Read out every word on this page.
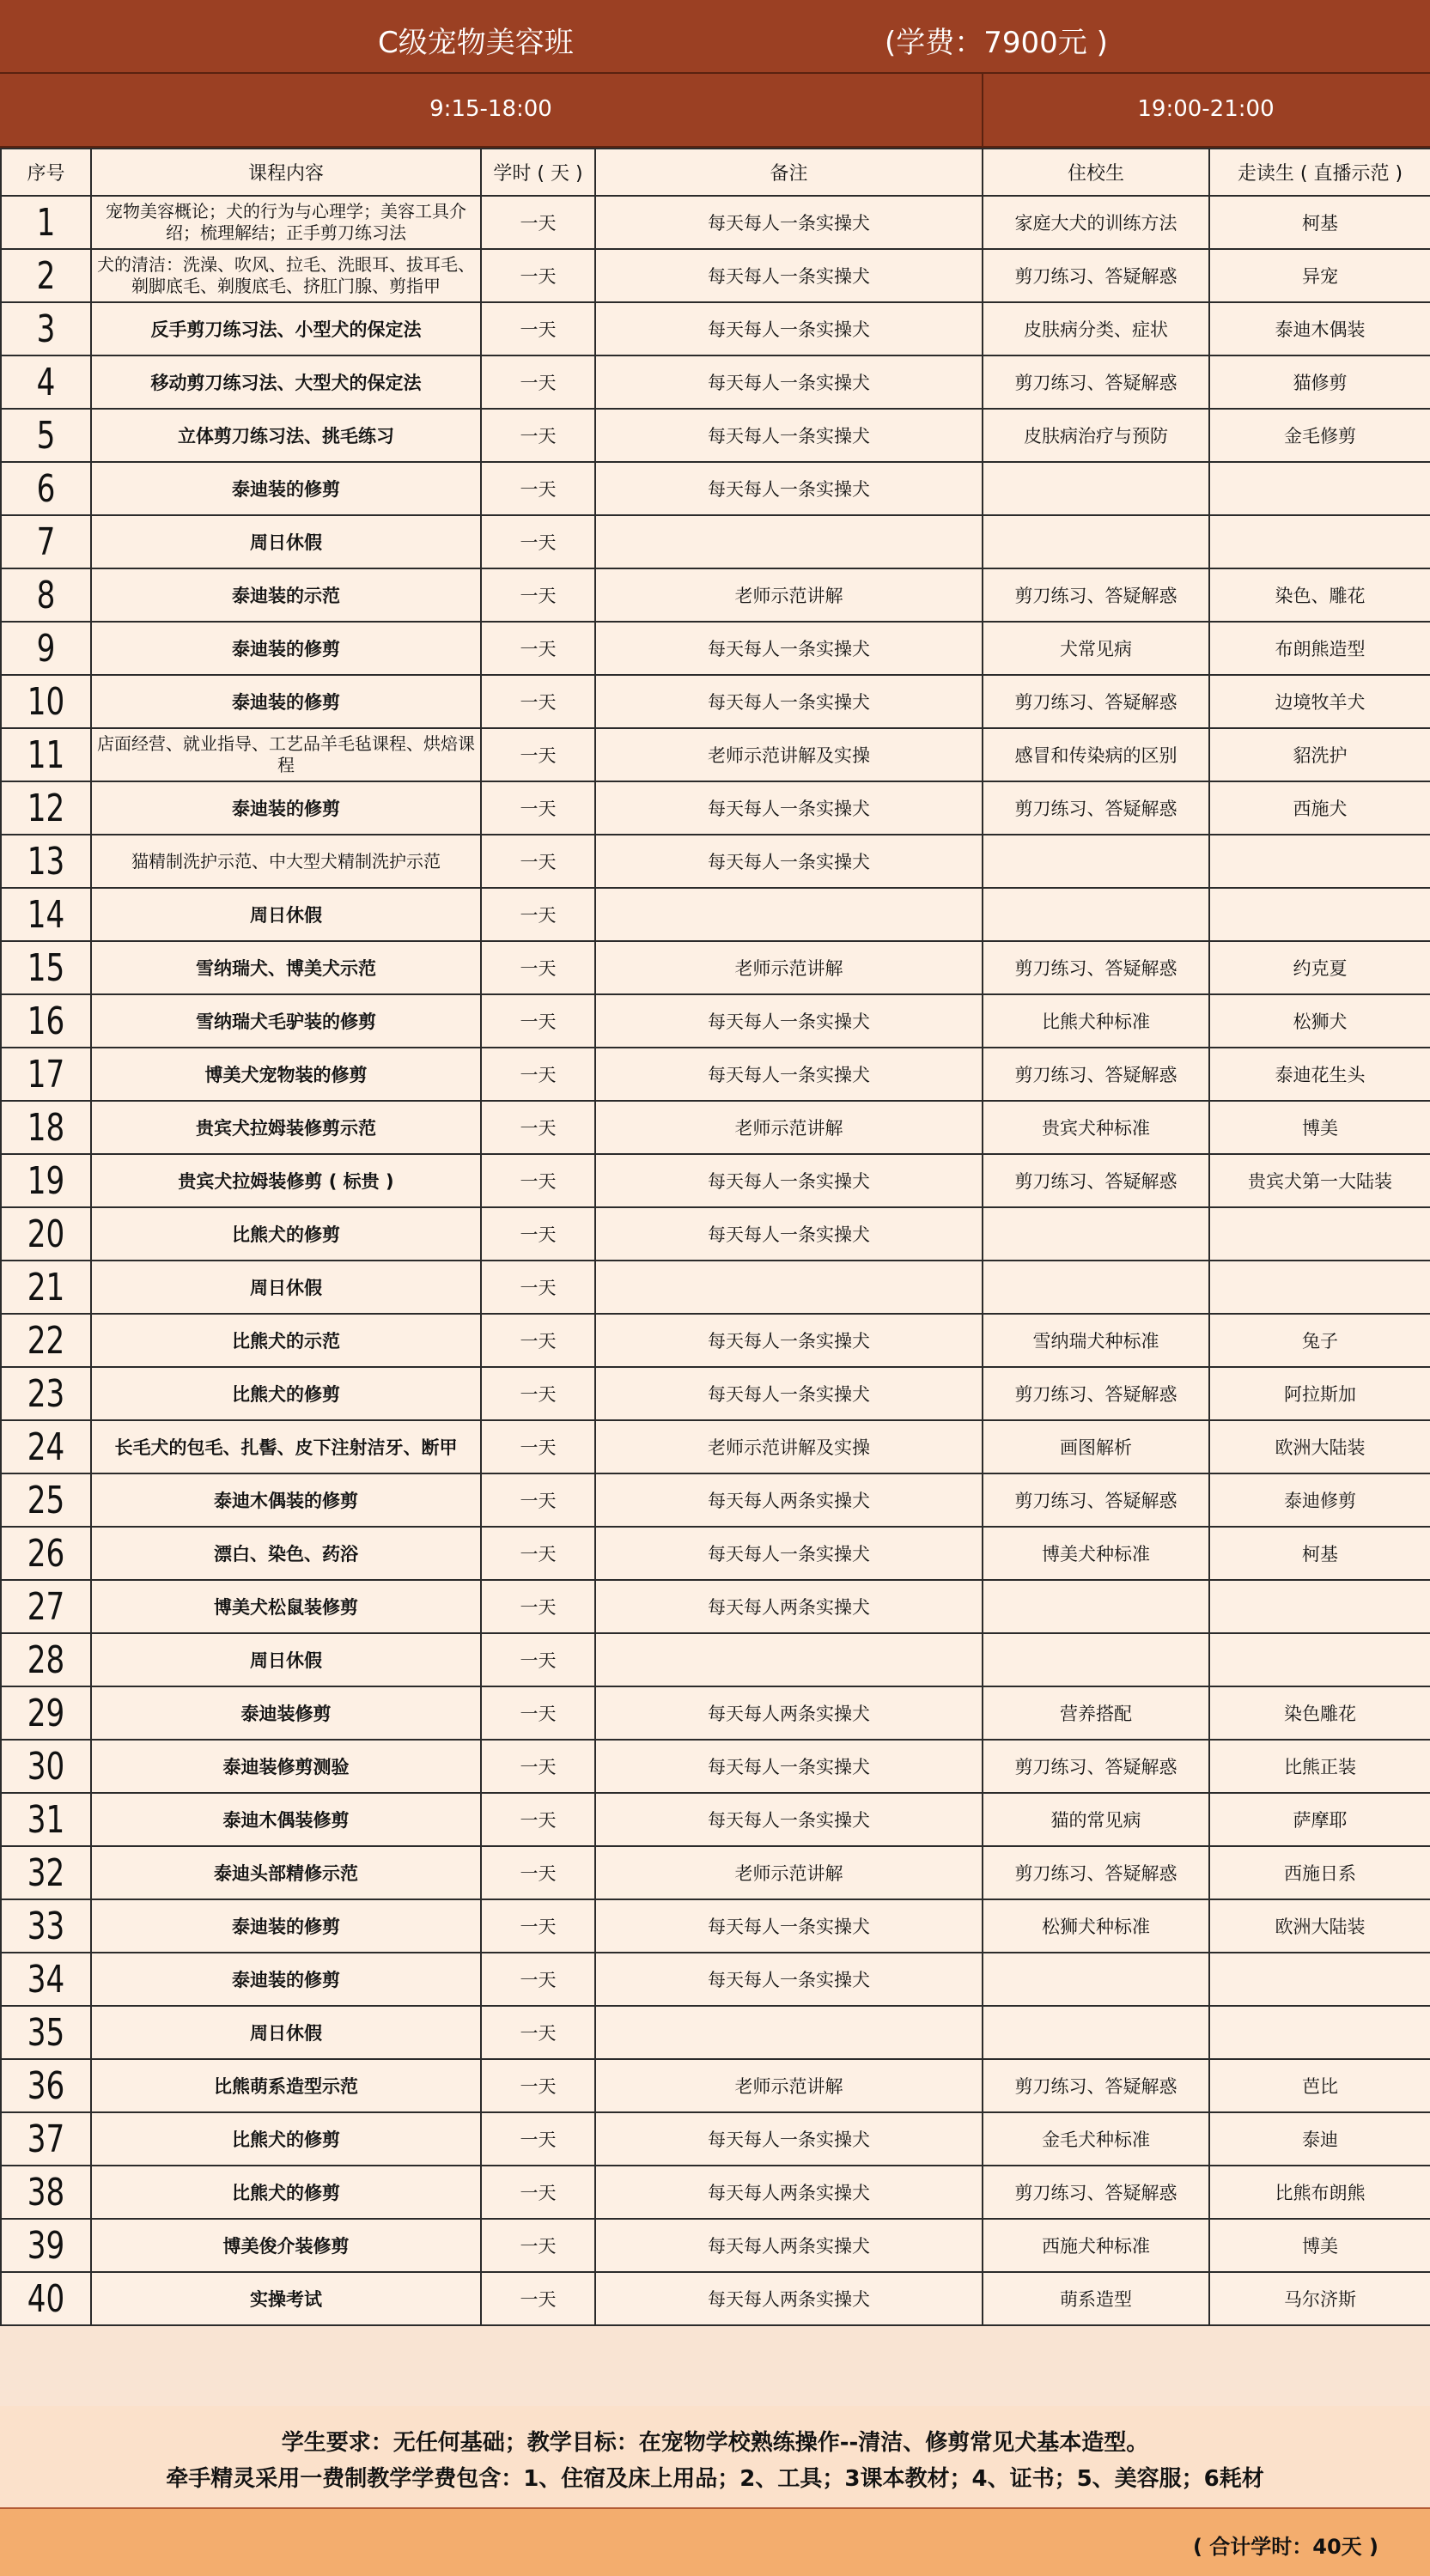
C级宠物美容班	(学费：7900元 )
9:15-18:00	19:00-21:00
序号	课程内容	学时 ( 天 )	备注	住校生	走读生 ( 直播示范 )
1	宠物美容概论；犬的行为与心理学；美容工具介绍；梳理解结；正手剪刀练习法	一天	每天每人一条实操犬	家庭大犬的训练方法	柯基
2	犬的清洁：洗澡、吹风、拉毛、洗眼耳、拔耳毛、剃脚底毛、剃腹底毛、挤肛门腺、剪指甲	一天	每天每人一条实操犬	剪刀练习、答疑解惑	异宠
3	反手剪刀练习法、小型犬的保定法	一天	每天每人一条实操犬	皮肤病分类、症状	泰迪木偶装
4	移动剪刀练习法、大型犬的保定法	一天	每天每人一条实操犬	剪刀练习、答疑解惑	猫修剪
5	立体剪刀练习法、挑毛练习	一天	每天每人一条实操犬	皮肤病治疗与预防	金毛修剪
6	泰迪装的修剪	一天	每天每人一条实操犬		
7	周日休假	一天			
8	泰迪装的示范	一天	老师示范讲解	剪刀练习、答疑解惑	染色、雕花
9	泰迪装的修剪	一天	每天每人一条实操犬	犬常见病	布朗熊造型
10	泰迪装的修剪	一天	每天每人一条实操犬	剪刀练习、答疑解惑	边境牧羊犬
11	店面经营、就业指导、工艺品羊毛毡课程、烘焙课程	一天	老师示范讲解及实操	感冒和传染病的区别	貂洗护
12	泰迪装的修剪	一天	每天每人一条实操犬	剪刀练习、答疑解惑	西施犬
13	猫精制洗护示范、中大型犬精制洗护示范	一天	每天每人一条实操犬		
14	周日休假	一天			
15	雪纳瑞犬、博美犬示范	一天	老师示范讲解	剪刀练习、答疑解惑	约克夏
16	雪纳瑞犬毛驴装的修剪	一天	每天每人一条实操犬	比熊犬种标准	松狮犬
17	博美犬宠物装的修剪	一天	每天每人一条实操犬	剪刀练习、答疑解惑	泰迪花生头
18	贵宾犬拉姆装修剪示范	一天	老师示范讲解	贵宾犬种标准	博美
19	贵宾犬拉姆装修剪 ( 标贵 )	一天	每天每人一条实操犬	剪刀练习、答疑解惑	贵宾犬第一大陆装
20	比熊犬的修剪	一天	每天每人一条实操犬		
21	周日休假	一天			
22	比熊犬的示范	一天	每天每人一条实操犬	雪纳瑞犬种标准	兔子
23	比熊犬的修剪	一天	每天每人一条实操犬	剪刀练习、答疑解惑	阿拉斯加
24	长毛犬的包毛、扎髻、皮下注射洁牙、断甲	一天	老师示范讲解及实操	画图解析	欧洲大陆装
25	泰迪木偶装的修剪	一天	每天每人两条实操犬	剪刀练习、答疑解惑	泰迪修剪
26	漂白、染色、药浴	一天	每天每人一条实操犬	博美犬种标准	柯基
27	博美犬松鼠装修剪	一天	每天每人两条实操犬		
28	周日休假	一天			
29	泰迪装修剪	一天	每天每人两条实操犬	营养搭配	染色雕花
30	泰迪装修剪测验	一天	每天每人一条实操犬	剪刀练习、答疑解惑	比熊正装
31	泰迪木偶装修剪	一天	每天每人一条实操犬	猫的常见病	萨摩耶
32	泰迪头部精修示范	一天	老师示范讲解	剪刀练习、答疑解惑	西施日系
33	泰迪装的修剪	一天	每天每人一条实操犬	松狮犬种标准	欧洲大陆装
34	泰迪装的修剪	一天	每天每人一条实操犬		
35	周日休假	一天			
36	比熊萌系造型示范	一天	老师示范讲解	剪刀练习、答疑解惑	芭比
37	比熊犬的修剪	一天	每天每人一条实操犬	金毛犬种标准	泰迪
38	比熊犬的修剪	一天	每天每人两条实操犬	剪刀练习、答疑解惑	比熊布朗熊
39	博美俊介装修剪	一天	每天每人两条实操犬	西施犬种标准	博美
40	实操考试	一天	每天每人两条实操犬	萌系造型	马尔济斯
学生要求：无任何基础；教学目标：在宠物学校熟练操作--清洁、修剪常见犬基本造型。
牵手精灵采用一费制教学学费包含：1、住宿及床上用品；2、工具；3课本教材；4、证书；5、美容服；6耗材
( 合计学时：40天 )
